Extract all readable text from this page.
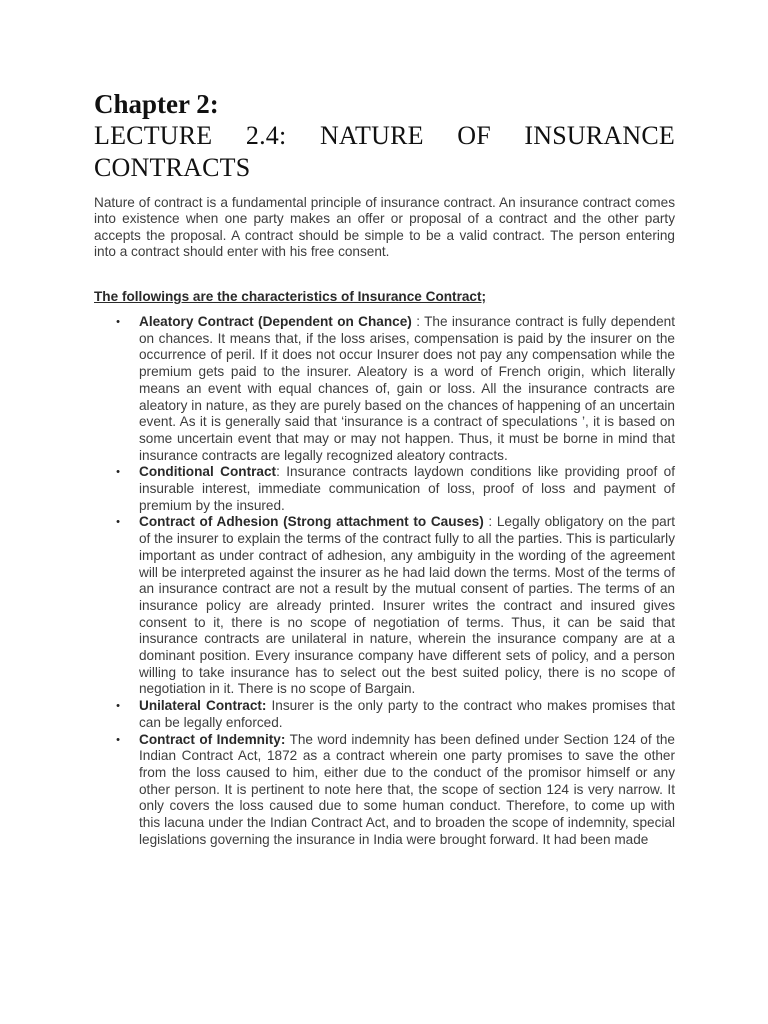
Chapter 2:
LECTURE 2.4: NATURE OF INSURANCE CONTRACTS

Nature of contract is a fundamental principle of insurance contract. An insurance contract comes into existence when one party makes an offer or proposal of a contract and the other party accepts the proposal. A contract should be simple to be a valid contract. The person entering into a contract should enter with his free consent.

The followings are the characteristics of Insurance Contract;

• Aleatory Contract (Dependent on Chance) : The insurance contract is fully dependent on chances. It means that, if the loss arises, compensation is paid by the insurer on the occurrence of peril. If it does not occur Insurer does not pay any compensation while the premium gets paid to the insurer. Aleatory is a word of French origin, which literally means an event with equal chances of, gain or loss. All the insurance contracts are aleatory in nature, as they are purely based on the chances of happening of an uncertain event. As it is generally said that ‘insurance is a contract of speculations ’, it is based on some uncertain event that may or may not happen. Thus, it must be borne in mind that insurance contracts are legally recognized aleatory contracts.
• Conditional Contract: Insurance contracts laydown conditions like providing proof of insurable interest, immediate communication of loss, proof of loss and payment of premium by the insured.
• Contract of Adhesion (Strong attachment to Causes) : Legally obligatory on the part of the insurer to explain the terms of the contract fully to all the parties. This is particularly important as under contract of adhesion, any ambiguity in the wording of the agreement will be interpreted against the insurer as he had laid down the terms. Most of the terms of an insurance contract are not a result by the mutual consent of parties. The terms of an insurance policy are already printed. Insurer writes the contract and insured gives consent to it, there is no scope of negotiation of terms. Thus, it can be said that insurance contracts are unilateral in nature, wherein the insurance company are at a dominant position. Every insurance company have different sets of policy, and a person willing to take insurance has to select out the best suited policy, there is no scope of negotiation in it. There is no scope of Bargain.
• Unilateral Contract: Insurer is the only party to the contract who makes promises that can be legally enforced.
• Contract of Indemnity: The word indemnity has been defined under Section 124 of the Indian Contract Act, 1872 as a contract wherein one party promises to save the other from the loss caused to him, either due to the conduct of the promisor himself or any other person. It is pertinent to note here that, the scope of section 124 is very narrow. It only covers the loss caused due to some human conduct. Therefore, to come up with this lacuna under the Indian Contract Act, and to broaden the scope of indemnity, special legislations governing the insurance in India were brought forward. It had been made
